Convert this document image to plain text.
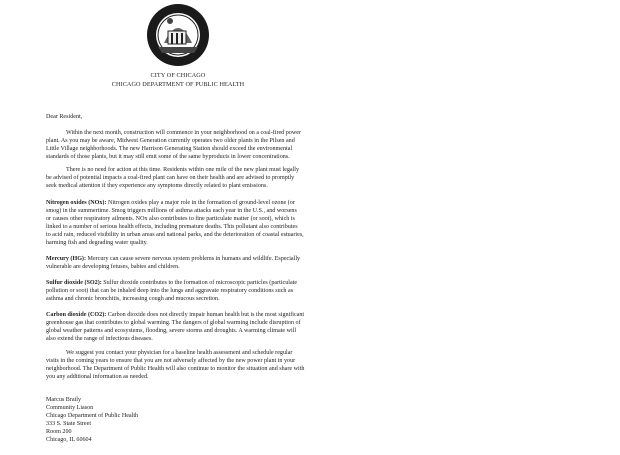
CITY OF CHICAGO
CHICAGO DEPARTMENT OF PUBLIC HEALTH
Dear Resident,
Within the next month, construction will commence in your neighborhood on a coal-fired power
plant. As you may be aware, Midwest Generation currently operates two older plants in the Pilsen and
Little Village neighborhoods. The new Harrison Generating Station should exceed the environmental
standards of those plants, but it may still emit some of the same byproducts in lower concentrations.
There is no need for action at this time. Residents within one mile of the new plant must legally
be advised of potential impacts a coal-fired plant can have on their health and are advised to promptly
seek medical attention if they experience any symptoms directly related to plant emissions.
Nitrogen oxides (NOx): Nitrogen oxides play a major role in the formation of ground-level ozone (or
smog) in the summertime. Smog triggers millions of asthma attacks each year in the U.S., and worsens
or causes other respiratory ailments. NOx also contributes to fine particulate matter (or soot), which is
linked to a number of serious health effects, including premature deaths. This pollutant also contributes
to acid rain, reduced visibility in urban areas and national parks, and the deterioration of coastal estuaries,
harming fish and degrading water quality.
Mercury (HG): Mercury can cause severe nervous system problems in humans and wildlife. Especially
vulnerable are developing fetuses, babies and children.
Sulfur dioxide (SO2): Sulfur dioxide contributes to the formation of microscopic particles (particulate
pollution or soot) that can be inhaled deep into the lungs and aggravate respiratory conditions such as
asthma and chronic bronchitis, increasing cough and mucous secretion.
Carbon dioxide (CO2): Carbon dioxide does not directly impair human health but is the most significant
greenhouse gas that contributes to global warming. The dangers of global warming include disruption of
global weather patterns and ecosystems, flooding, severe storms and droughts. A warming climate will
also extend the range of infectious diseases.
We suggest you contact your physician for a baseline health assessment and schedule regular
visits in the coming years to ensure that you are not adversely affected by the new power plant in your
neighborhood. The Department of Public Health will also continue to monitor the situation and share with
you any additional information as needed.
Marcus Braily
Community Liason
Chicago Department of Public Health
333 S. State Street
Room 200
Chicago, IL 60604
